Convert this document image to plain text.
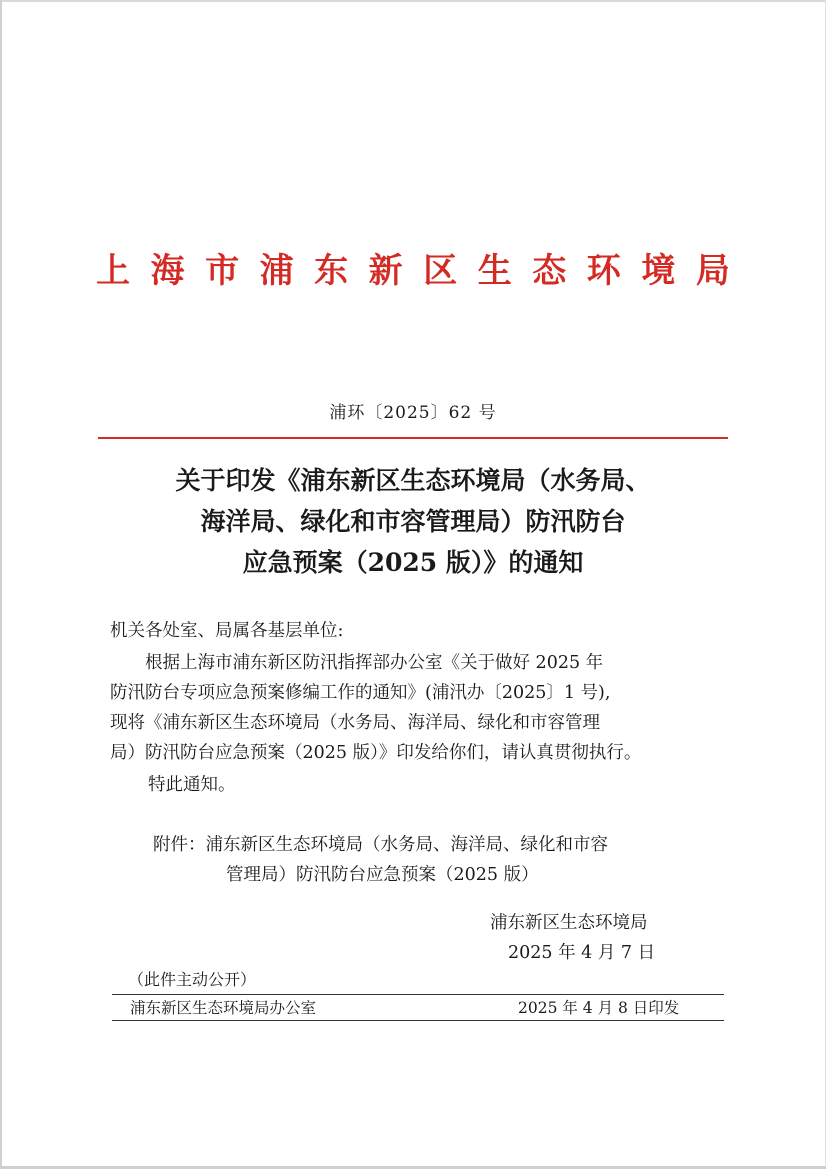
上 海 市 浦 东 新 区 生 态 环 境 局
浦环〔2025〕62 号
关于印发《浦东新区生态环境局（水务局、
海洋局、绿化和市容管理局）防汛防台
应急预案（2025 版）》的通知
机关各处室、局属各基层单位:
　　根据上海市浦东新区防汛指挥部办公室《关于做好 2025 年
防汛防台专项应急预案修编工作的通知》(浦汛办〔2025〕1 号),
现将《浦东新区生态环境局（水务局、海洋局、绿化和市容管理
局）防汛防台应急预案（2025 版）》印发给你们，请认真贯彻执行。
特此通知。
附件：浦东新区生态环境局（水务局、海洋局、绿化和市容
管理局）防汛防台应急预案（2025 版）
浦东新区生态环境局
2025 年 4 月 7 日
（此件主动公开）
浦东新区生态环境局办公室	2025 年 4 月 8 日印发
